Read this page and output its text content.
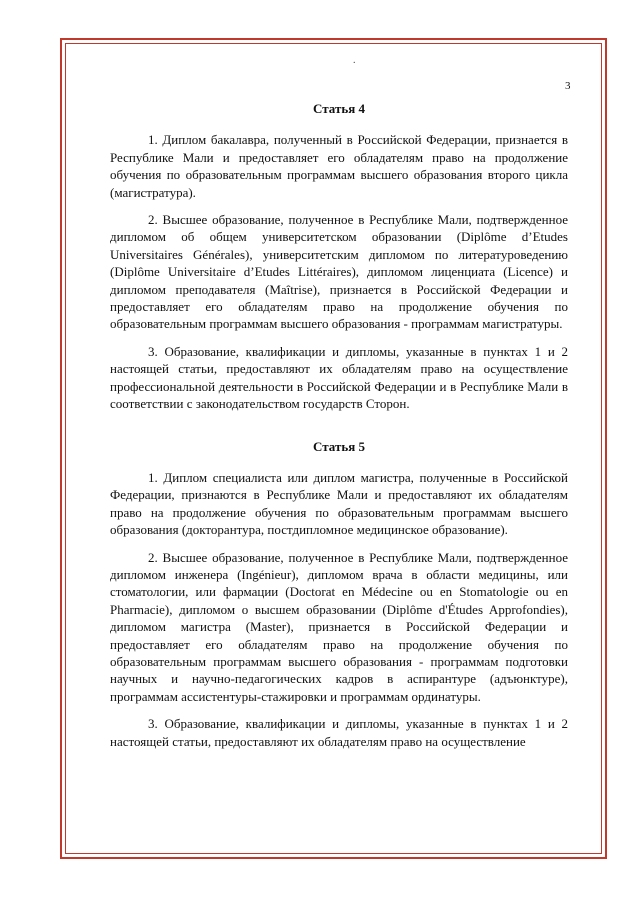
.
3
Статья 4

1. Диплом бакалавра, полученный в Российской Федерации, признается в Республике Мали и предоставляет его обладателям право на продолжение обучения по образовательным программам высшего образования второго цикла (магистратура).

2. Высшее образование, полученное в Республике Мали, подтвержденное дипломом об общем университетском образовании (Diplôme d’Etudes Universitaires Générales), университетским дипломом по литературоведению (Diplôme Universitaire d’Etudes Littéraires), дипломом лиценциата (Licence) и дипломом преподавателя (Maîtrise), признается в Российской Федерации и предоставляет его обладателям право на продолжение обучения по образовательным программам высшего образования - программам магистратуры.

3. Образование, квалификации и дипломы, указанные в пунктах 1 и 2 настоящей статьи, предоставляют их обладателям право на осуществление профессиональной деятельности в Российской Федерации и в Республике Мали в соответствии с законодательством государств Сторон.

Статья 5

1. Диплом специалиста или диплом магистра, полученные в Российской Федерации, признаются в Республике Мали и предоставляют их обладателям право на продолжение обучения по образовательным программам высшего образования (докторантура, постдипломное медицинское образование).

2. Высшее образование, полученное в Республике Мали, подтвержденное дипломом инженера (Ingénieur), дипломом врача в области медицины, или стоматологии, или фармации (Doctorat en Médecine ou en Stomatologie ou en Pharmacie), дипломом о высшем образовании (Diplôme d'Études Approfondies), дипломом магистра (Master), признается в Российской Федерации и предоставляет его обладателям право на продолжение обучения по образовательным программам высшего образования - программам подготовки научных и научно-педагогических кадров в аспирантуре (адъюнктуре), программам ассистентуры-стажировки и программам ординатуры.

3. Образование, квалификации и дипломы, указанные в пунктах 1 и 2 настоящей статьи, предоставляют их обладателям право на осуществление
